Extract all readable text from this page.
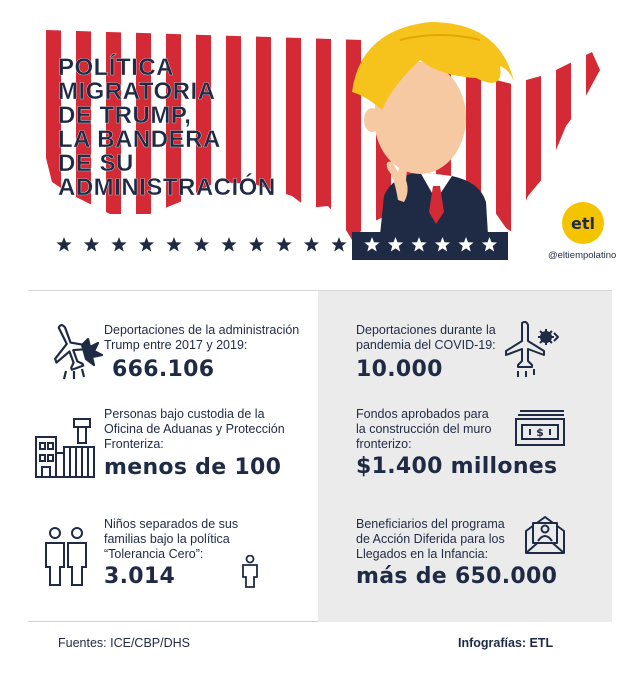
POLÍTICA
MIGRATORIA
DE TRUMP,
LA BANDERA
DE SU
ADMINISTRACIÓN
etl
@eltiempolatino
Deportaciones de la administración
Trump entre 2017 y 2019:
666.106
Personas bajo custodia de la
Oficina de Aduanas y Protección
Fronteriza:
menos de 100
Niños separados de sus
familias bajo la política
“Tolerancia Cero”:
3.014
Deportaciones durante la
pandemia del COVID-19:
10.000
Fondos aprobados para
la construcción del muro
fronterizo:
$1.400 millones
$
Beneficiarios del programa
de Acción Diferida para los
Llegados en la Infancia:
más de 650.000
Fuentes: ICE/CBP/DHS	Infografías: ETL
